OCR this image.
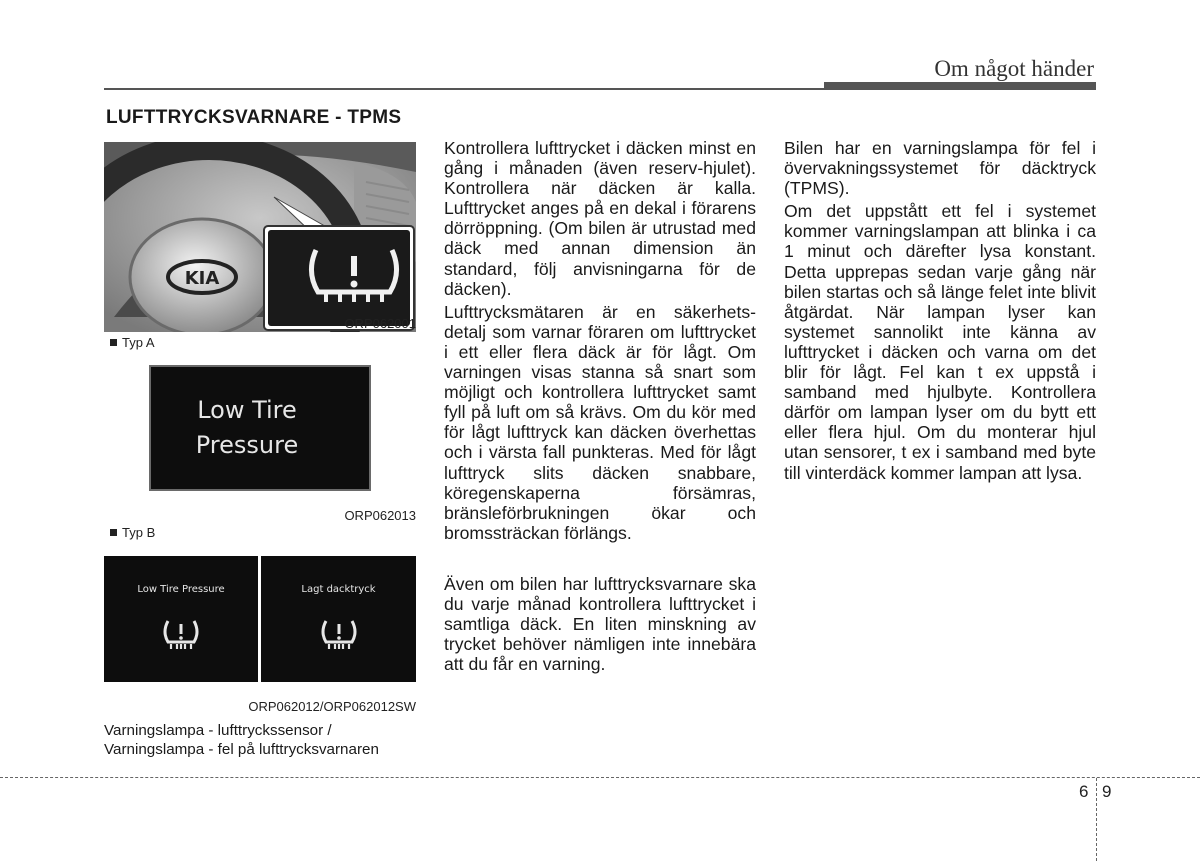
Om något händer
LUFTTRYCKSVARNARE - TPMS
KIA
ORP062001
Typ A
Low Tire
Pressure
ORP062013
Typ B
Low Tire Pressure	Lagt dacktryck
ORP062012/ORP062012SW
Varningslampa - lufttryckssensor / Varningslampa - fel på lufttrycksvarnaren

Kontrollera lufttrycket i däcken minst en gång i månaden (även reserv-hjulet). Kontrollera när däcken är kalla. Lufttrycket anges på en dekal i förarens dörröppning. (Om bilen är utrustad med däck med annan dimension än standard, följ anvisningarna för de däcken).

Lufttrycksmätaren är en säkerhets-detalj som varnar föraren om lufttrycket i ett eller flera däck är för lågt. Om varningen visas stanna så snart som möjligt och kontrollera lufttrycket samt fyll på luft om så krävs. Om du kör med för lågt lufttryck kan däcken överhettas och i värsta fall punkteras. Med för lågt lufttryck slits däcken snabbare, köregenskaperna försämras, bränsleförbrukningen ökar och bromssträckan förlängs.

Även om bilen har lufttrycksvarnare ska du varje månad kontrollera lufttrycket i samtliga däck. En liten minskning av trycket behöver nämligen inte innebära att du får en varning.

Bilen har en varningslampa för fel i övervakningssystemet för däcktryck (TPMS).

Om det uppstått ett fel i systemet kommer varningslampan att blinka i ca 1 minut och därefter lysa konstant. Detta upprepas sedan varje gång när bilen startas och så länge felet inte blivit åtgärdat. När lampan lyser kan systemet sannolikt inte känna av lufttrycket i däcken och varna om det blir för lågt. Fel kan t ex uppstå i samband med hjulbyte. Kontrollera därför om lampan lyser om du bytt ett eller flera hjul. Om du monterar hjul utan sensorer, t ex i samband med byte till vinterdäck kommer lampan att lysa.

6 9
